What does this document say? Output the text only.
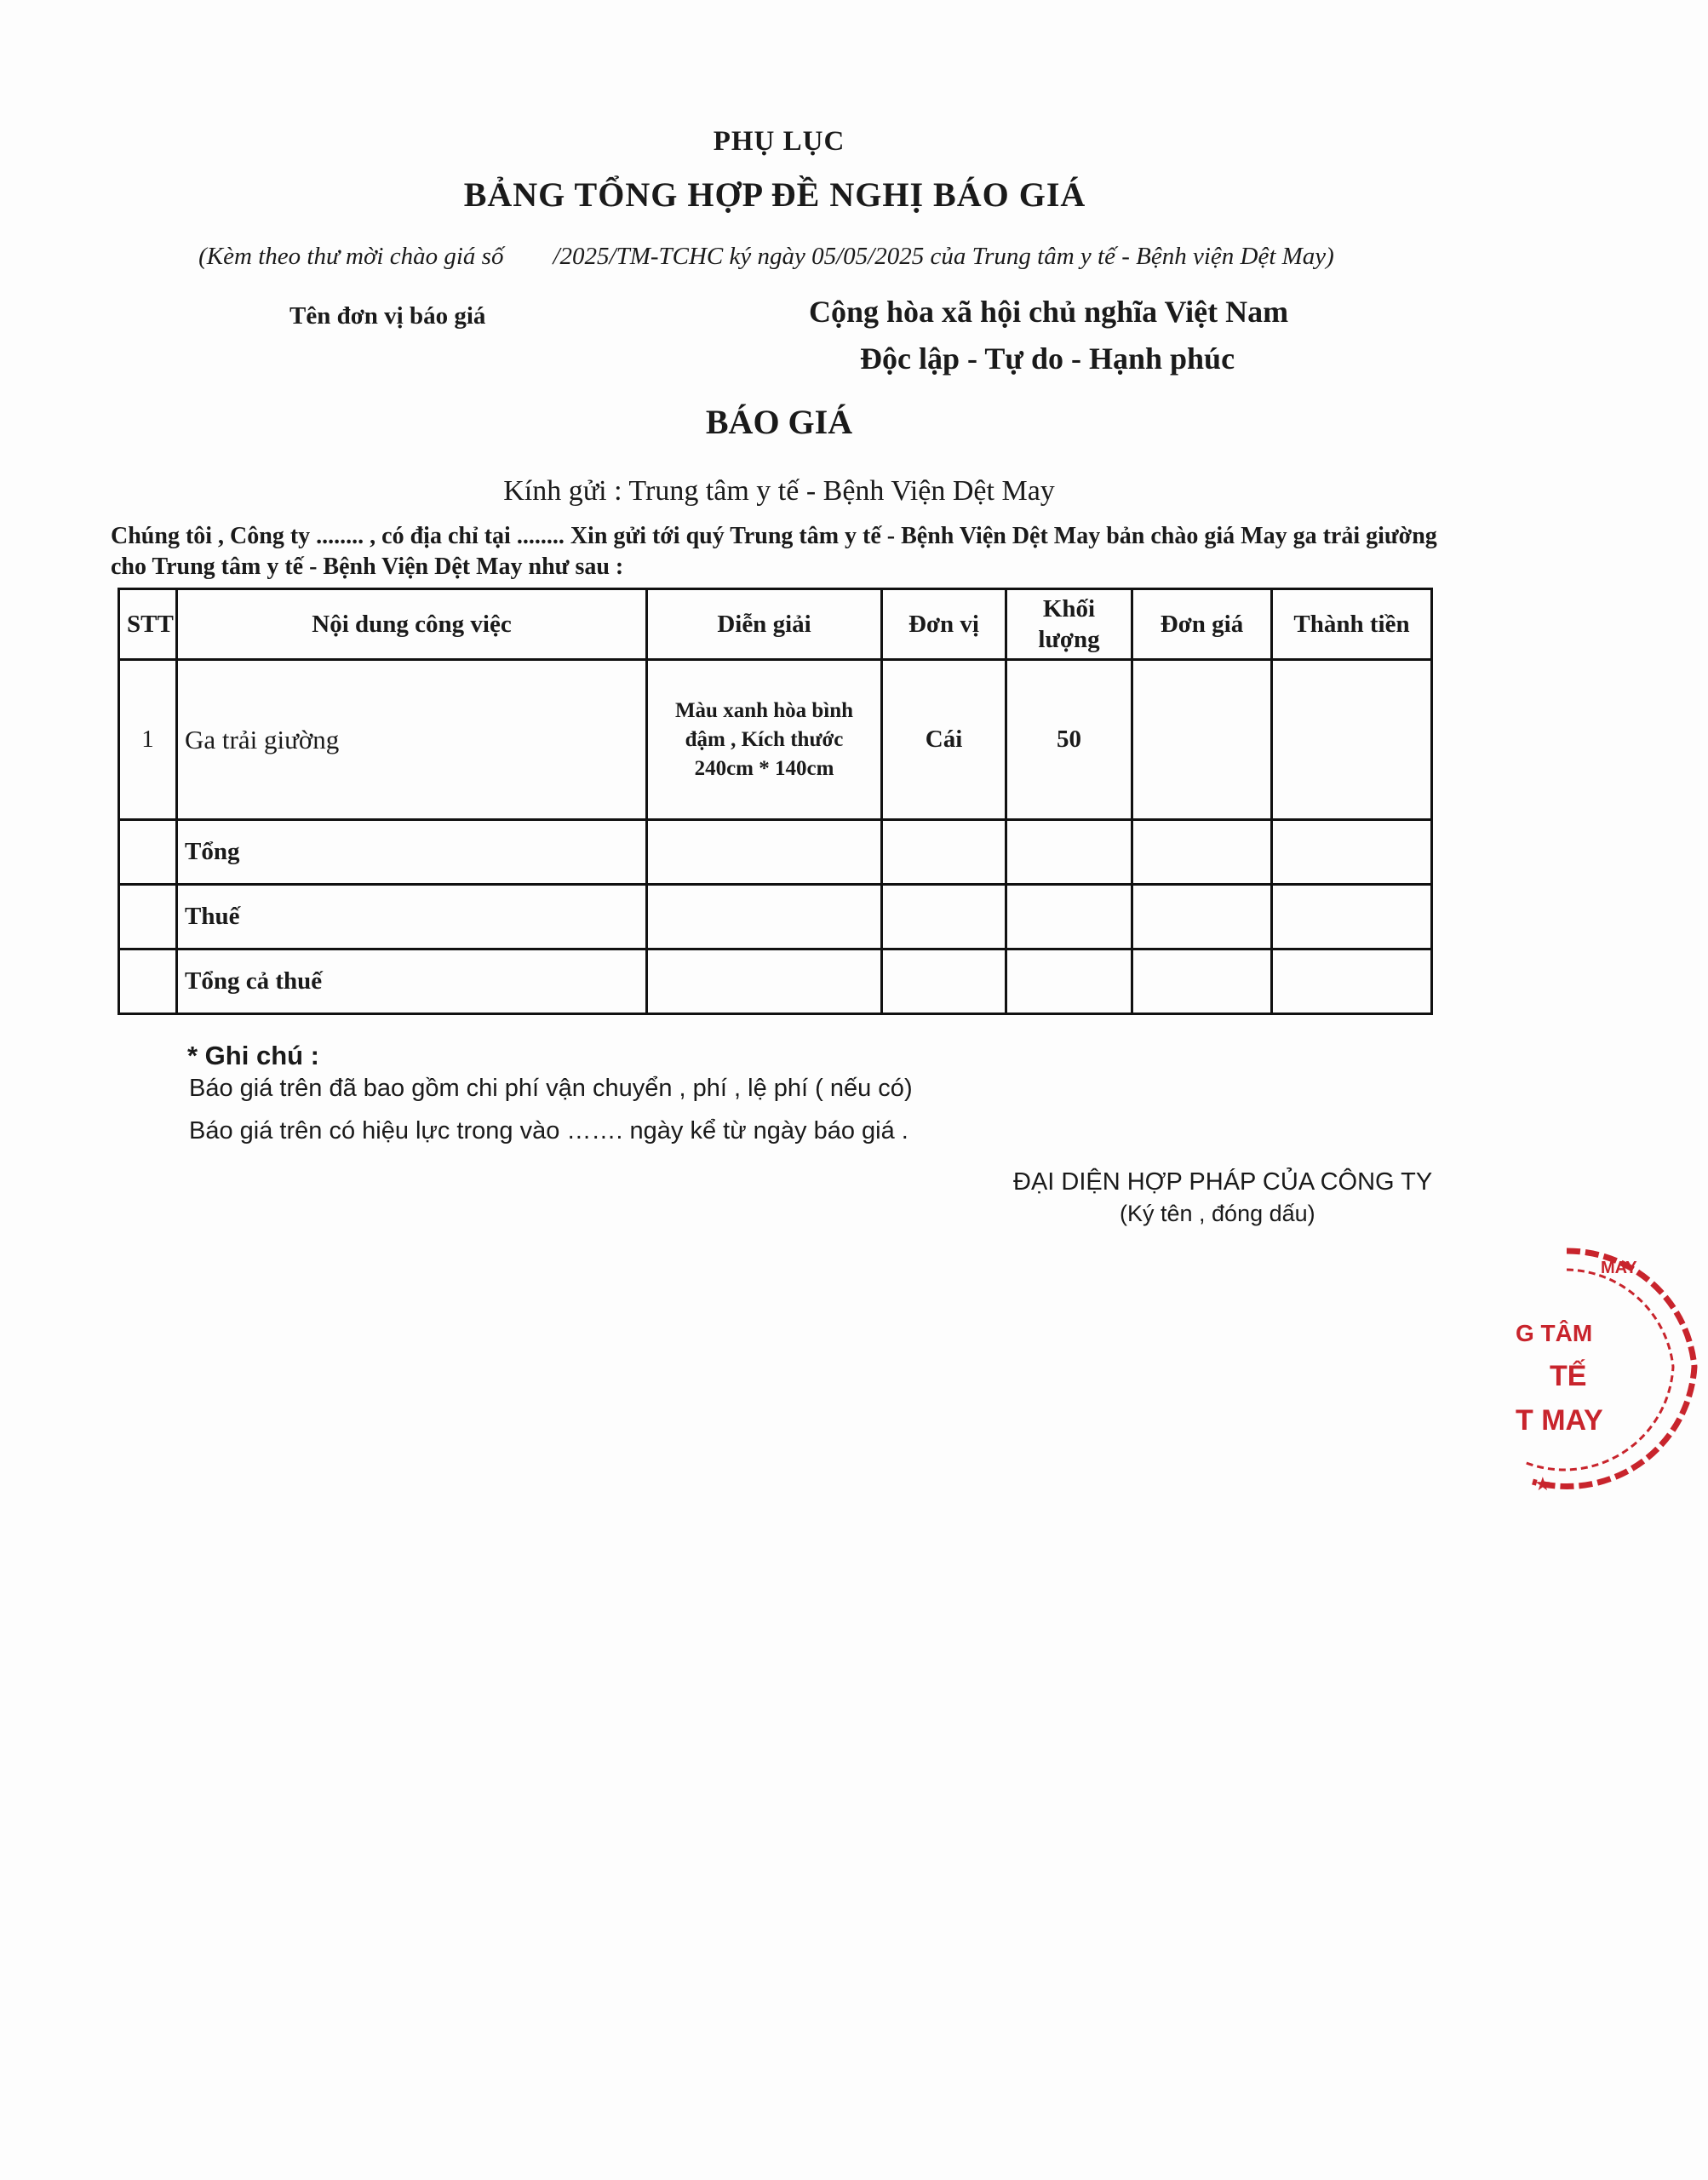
PHỤ LỤC
BẢNG TỔNG HỢP ĐỀ NGHỊ BÁO GIÁ
(Kèm theo thư mời chào giá số        /2025/TM-TCHC ký ngày 05/05/2025 của Trung tâm y tế - Bệnh viện Dệt May)
Tên đơn vị báo giá	Cộng hòa xã hội chủ nghĩa Việt Nam
Độc lập - Tự do - Hạnh phúc
BÁO GIÁ
Kính gửi : Trung tâm y tế - Bệnh Viện Dệt May
Chúng tôi , Công ty ........ , có địa chỉ tại ........ Xin gửi tới quý Trung tâm y tế - Bệnh Viện Dệt May bản chào giá May ga trải giường cho Trung tâm y tế - Bệnh Viện Dệt May như sau :
STT	Nội dung công việc	Diễn giải	Đơn vị	Khối lượng	Đơn giá	Thành tiền
1	Ga trải giường	Màu xanh hòa bình đậm , Kích thước 240cm * 140cm	Cái	50		
	Tổng					
	Thuế					
	Tổng cả thuế					
* Ghi chú :
Báo giá trên đã bao gồm chi phí vận chuyển , phí , lệ phí ( nếu có)
Báo giá trên có hiệu lực trong vào ……. ngày kể từ ngày báo giá .
ĐẠI DIỆN HỢP PHÁP CỦA CÔNG TY
(Ký tên , đóng dấu)
MAY
G TÂM
TẾ
T MAY
★
